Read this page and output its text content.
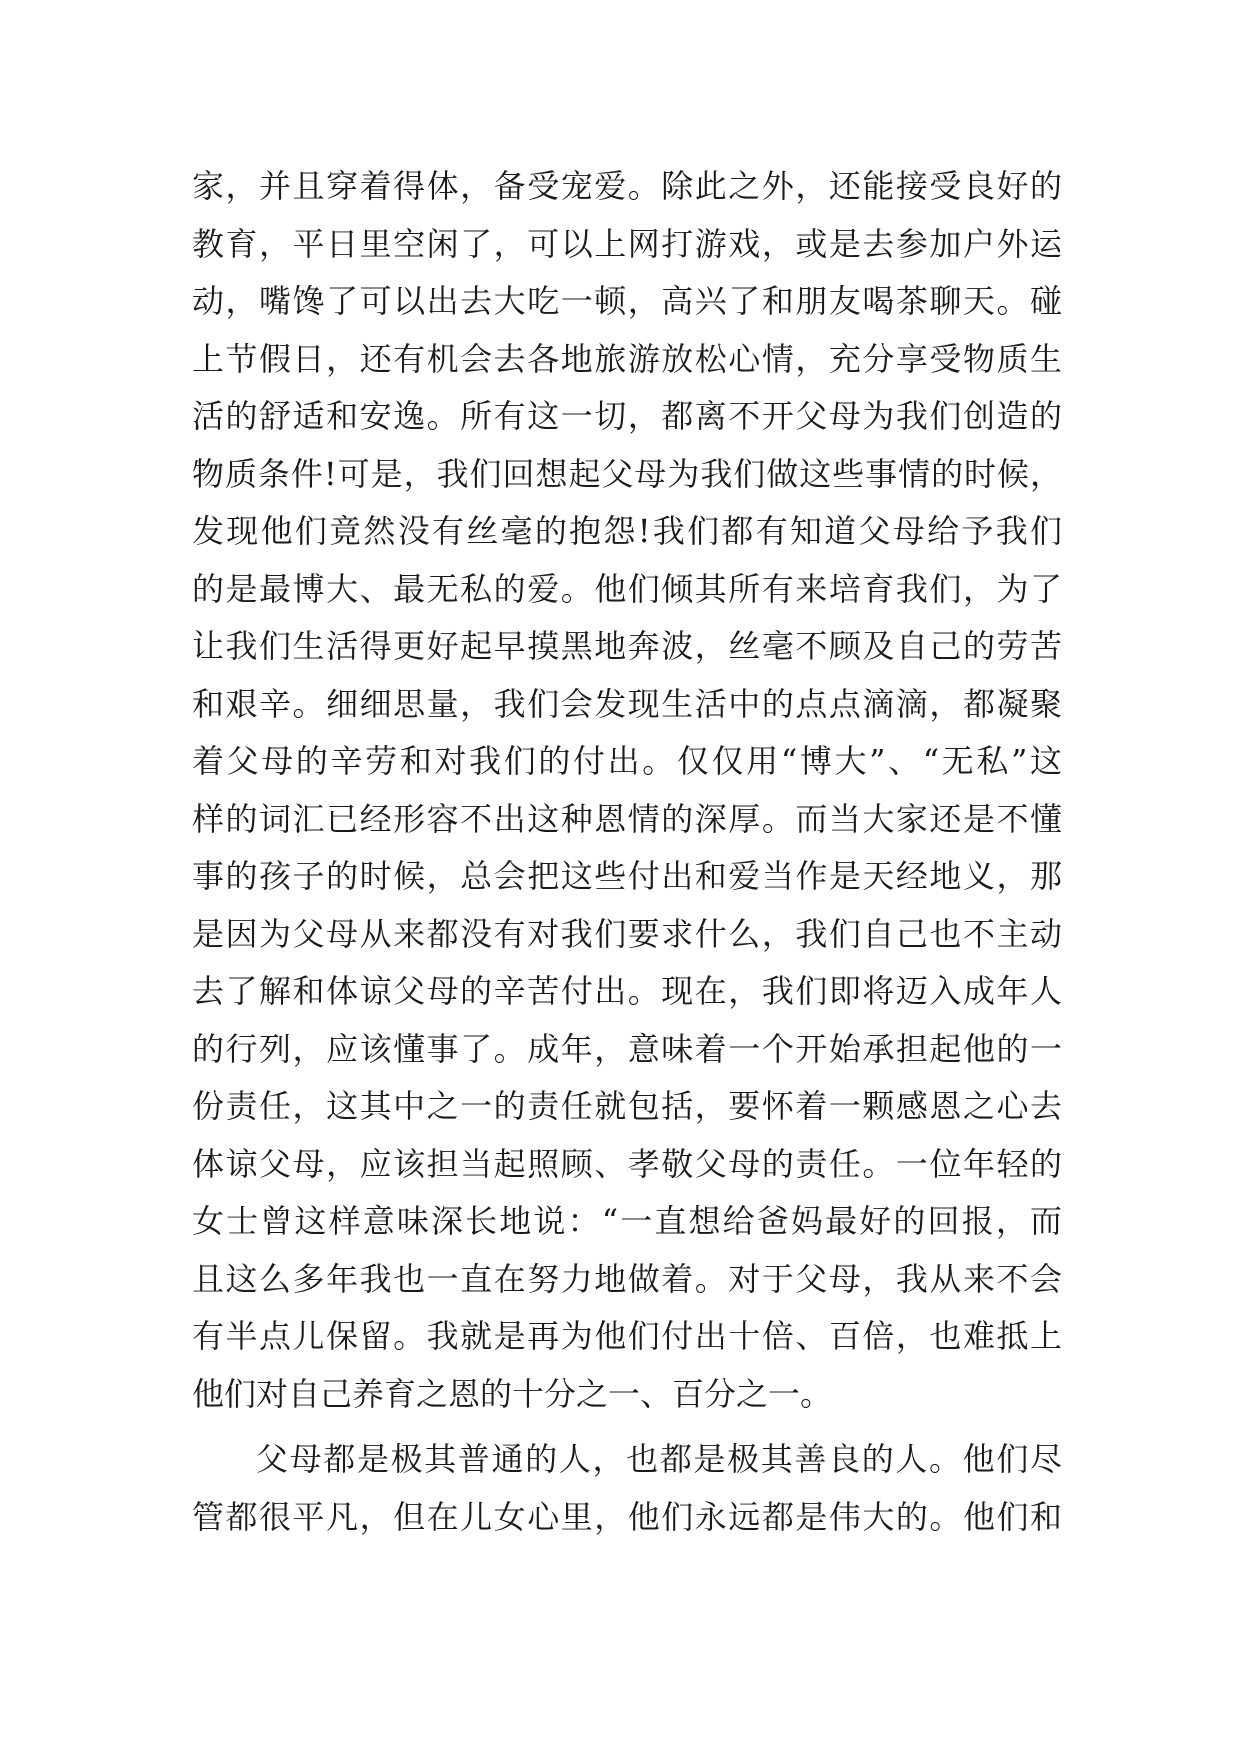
家，并且穿着得体，备受宠爱。除此之外，还能接受良好的
教育，平日里空闲了，可以上网打游戏，或是去参加户外运
动，嘴馋了可以出去大吃一顿，高兴了和朋友喝茶聊天。碰
上节假日，还有机会去各地旅游放松心情，充分享受物质生
活的舒适和安逸。所有这一切，都离不开父母为我们创造的
物质条件!可是，我们回想起父母为我们做这些事情的时候，
发现他们竟然没有丝毫的抱怨!我们都有知道父母给予我们
的是最博大、最无私的爱。他们倾其所有来培育我们，为了
让我们生活得更好起早摸黑地奔波，丝毫不顾及自己的劳苦
和艰辛。细细思量，我们会发现生活中的点点滴滴，都凝聚
着父母的辛劳和对我们的付出。仅仅用“博大”、“无私”这
样的词汇已经形容不出这种恩情的深厚。而当大家还是不懂
事的孩子的时候，总会把这些付出和爱当作是天经地义，那
是因为父母从来都没有对我们要求什么，我们自己也不主动
去了解和体谅父母的辛苦付出。现在，我们即将迈入成年人
的行列，应该懂事了。成年，意味着一个开始承担起他的一
份责任，这其中之一的责任就包括，要怀着一颗感恩之心去
体谅父母，应该担当起照顾、孝敬父母的责任。一位年轻的
女士曾这样意味深长地说：“一直想给爸妈最好的回报，而
且这么多年我也一直在努力地做着。对于父母，我从来不会
有半点儿保留。我就是再为他们付出十倍、百倍，也难抵上
他们对自己养育之恩的十分之一、百分之一。
父母都是极其普通的人，也都是极其善良的人。他们尽
管都很平凡，但在儿女心里，他们永远都是伟大的。他们和
